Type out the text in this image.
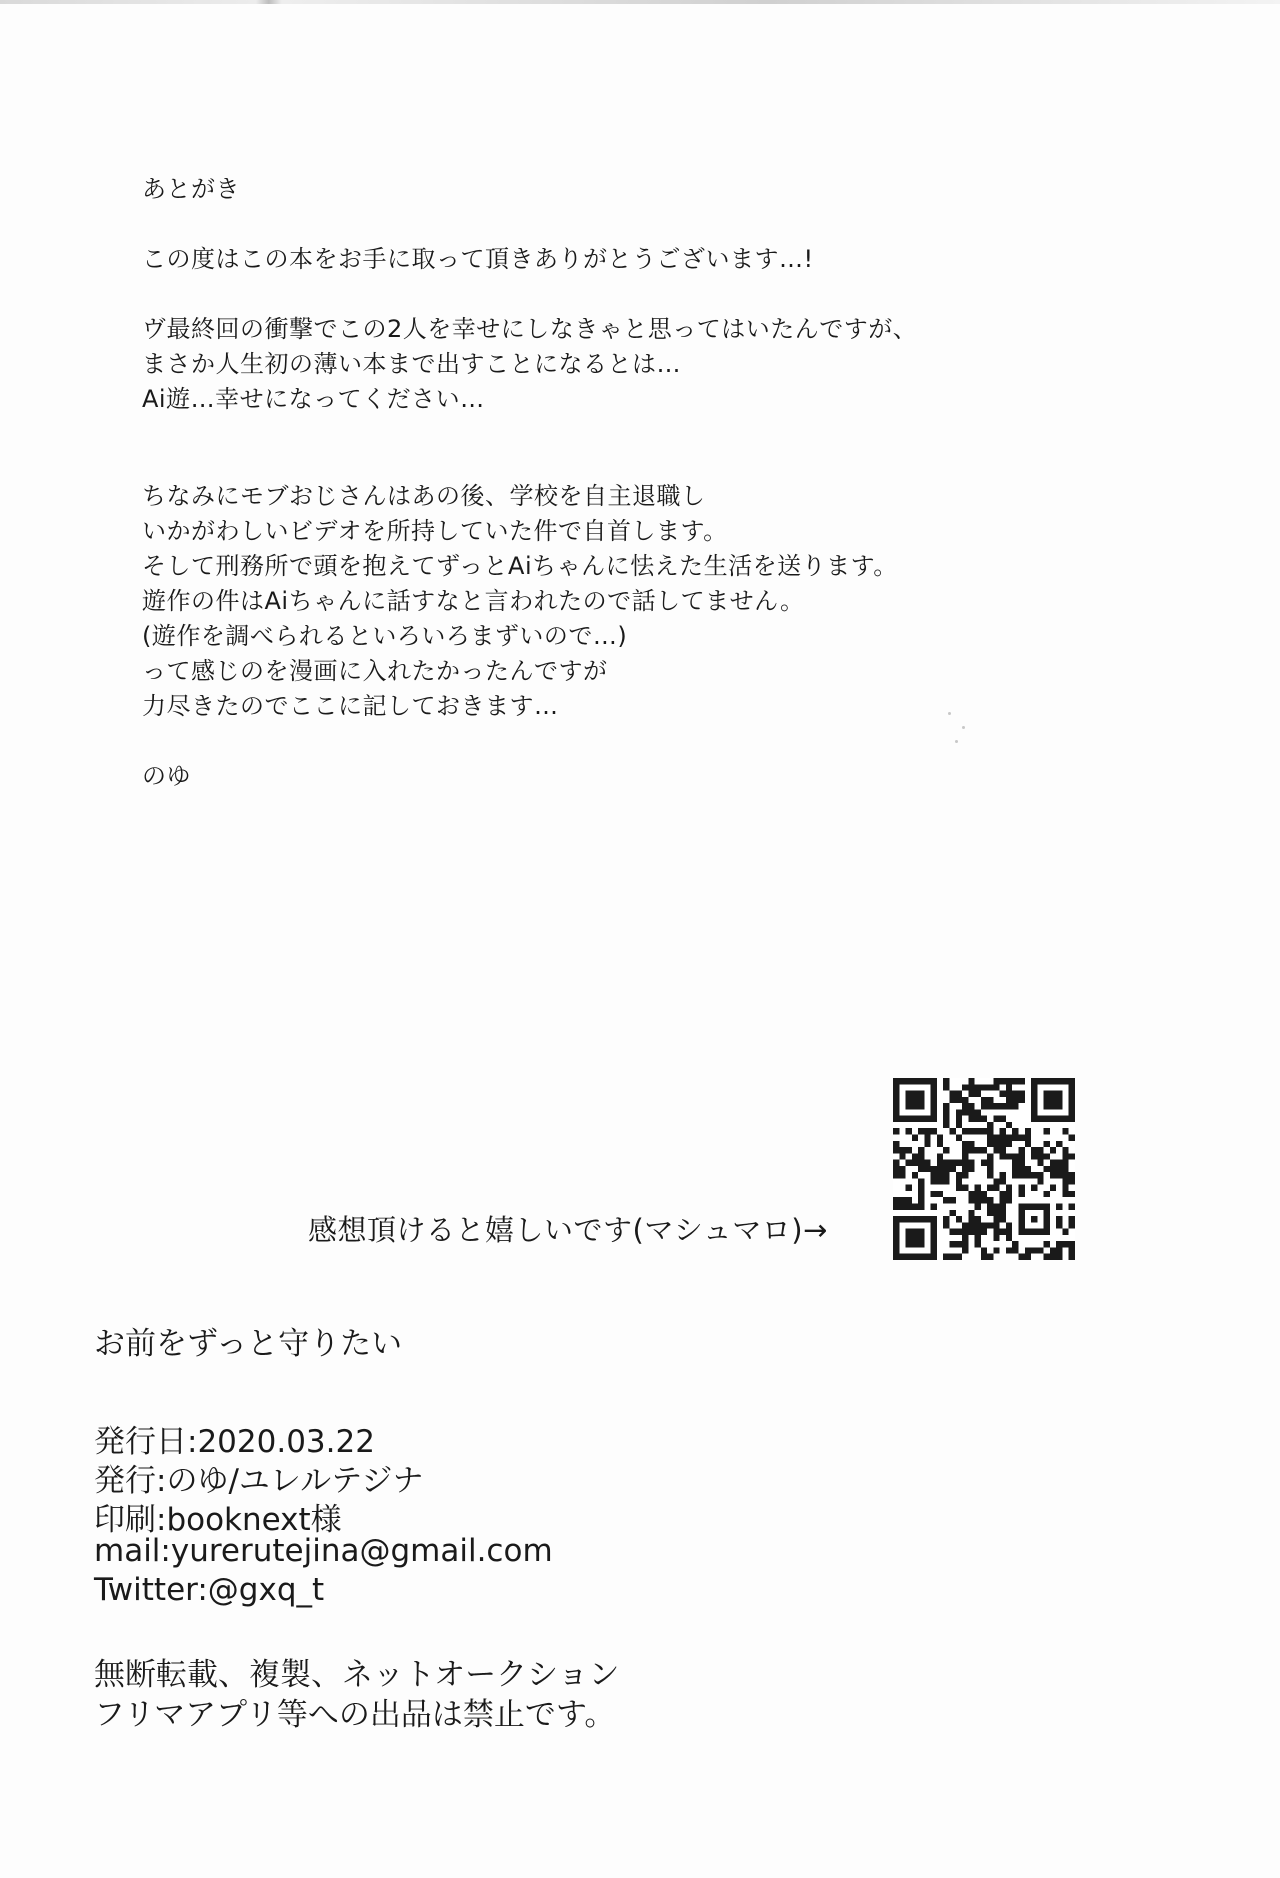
あとがき
この度はこの本をお手に取って頂きありがとうございます…!
ヴ最終回の衝撃でこの2人を幸せにしなきゃと思ってはいたんですが、
まさか人生初の薄い本まで出すことになるとは…
Ai遊…幸せになってください…
ちなみにモブおじさんはあの後、学校を自主退職し
いかがわしいビデオを所持していた件で自首します。
そして刑務所で頭を抱えてずっとAiちゃんに怯えた生活を送ります。
遊作の件はAiちゃんに話すなと言われたので話してません。
(遊作を調べられるといろいろまずいので…)
って感じのを漫画に入れたかったんですが
力尽きたのでここに記しておきます…
のゆ
感想頂けると嬉しいです(マシュマロ)→
お前をずっと守りたい
発行日:2020.03.22
発行:のゆ/ユレルテジナ
印刷:booknext様
mail:yurerutejina@gmail.com
Twitter:@gxq_t
無断転載、複製、ネットオークション
フリマアプリ等への出品は禁止です。
